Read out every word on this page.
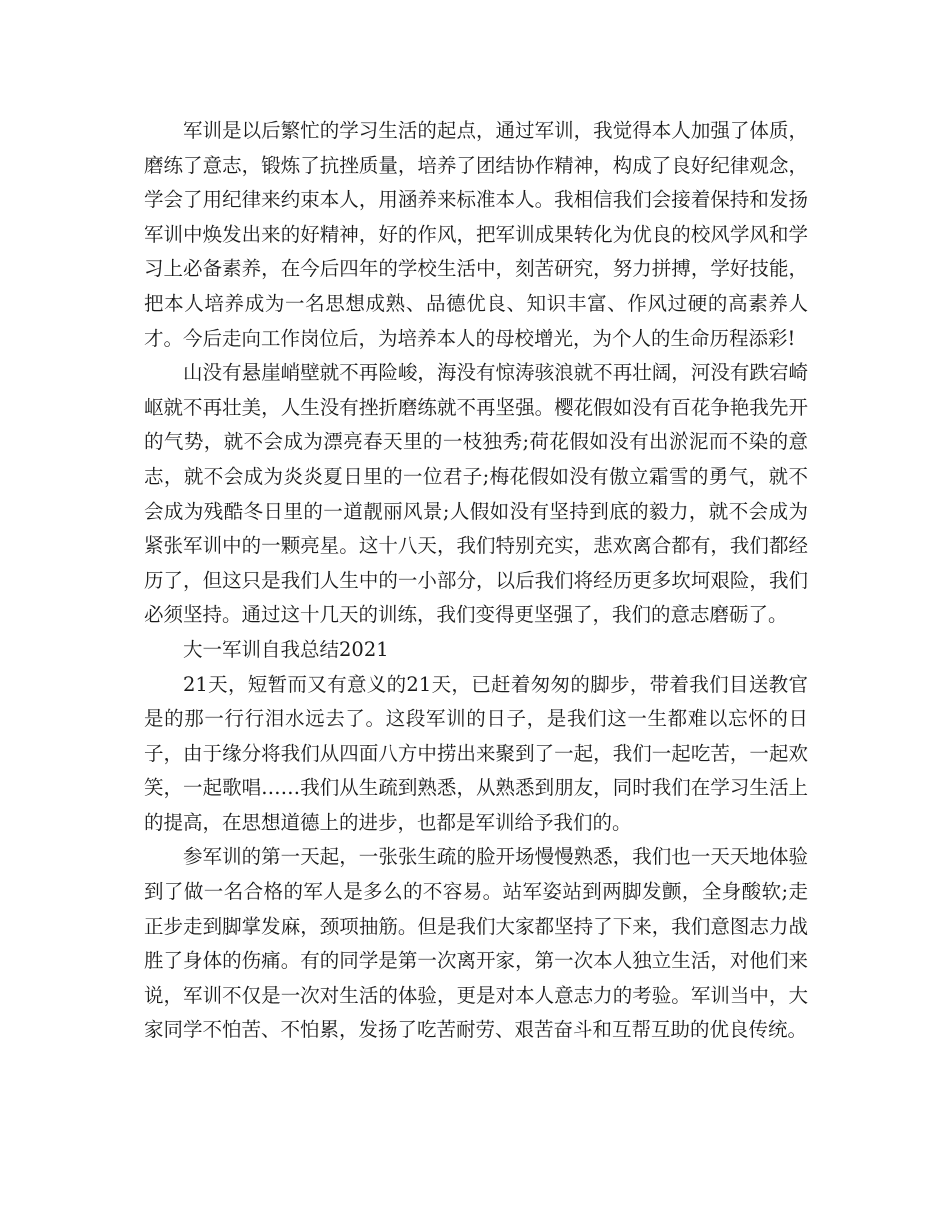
军训是以后繁忙的学习生活的起点，通过军训，我觉得本人加强了体质，磨练了意志，锻炼了抗挫质量，培养了团结协作精神，构成了良好纪律观念，学会了用纪律来约束本人，用涵养来标准本人。我相信我们会接着保持和发扬军训中焕发出来的好精神，好的作风，把军训成果转化为优良的校风学风和学习上必备素养，在今后四年的学校生活中，刻苦研究，努力拼搏，学好技能，把本人培养成为一名思想成熟、品德优良、知识丰富、作风过硬的高素养人才。今后走向工作岗位后，为培养本人的母校增光，为个人的生命历程添彩!

山没有悬崖峭壁就不再险峻，海没有惊涛骇浪就不再壮阔，河没有跌宕崎岖就不再壮美，人生没有挫折磨练就不再坚强。樱花假如没有百花争艳我先开的气势，就不会成为漂亮春天里的一枝独秀;荷花假如没有出淤泥而不染的意志，就不会成为炎炎夏日里的一位君子;梅花假如没有傲立霜雪的勇气，就不会成为残酷冬日里的一道靓丽风景;人假如没有坚持到底的毅力，就不会成为紧张军训中的一颗亮星。这十八天，我们特别充实，悲欢离合都有，我们都经历了，但这只是我们人生中的一小部分，以后我们将经历更多坎坷艰险，我们必须坚持。通过这十几天的训练，我们变得更坚强了，我们的意志磨砺了。

大一军训自我总结2021

21天，短暂而又有意义的21天，已赶着匆匆的脚步，带着我们目送教官是的那一行行泪水远去了。这段军训的日子，是我们这一生都难以忘怀的日子，由于缘分将我们从四面八方中捞出来聚到了一起，我们一起吃苦，一起欢笑，一起歌唱……我们从生疏到熟悉，从熟悉到朋友，同时我们在学习生活上的提高，在思想道德上的进步，也都是军训给予我们的。

参军训的第一天起，一张张生疏的脸开场慢慢熟悉，我们也一天天地体验到了做一名合格的军人是多么的不容易。站军姿站到两脚发颤，全身酸软;走正步走到脚掌发麻，颈项抽筋。但是我们大家都坚持了下来，我们意图志力战胜了身体的伤痛。有的同学是第一次离开家，第一次本人独立生活，对他们来说，军训不仅是一次对生活的体验，更是对本人意志力的考验。军训当中，大家同学不怕苦、不怕累，发扬了吃苦耐劳、艰苦奋斗和互帮互助的优良传统。
